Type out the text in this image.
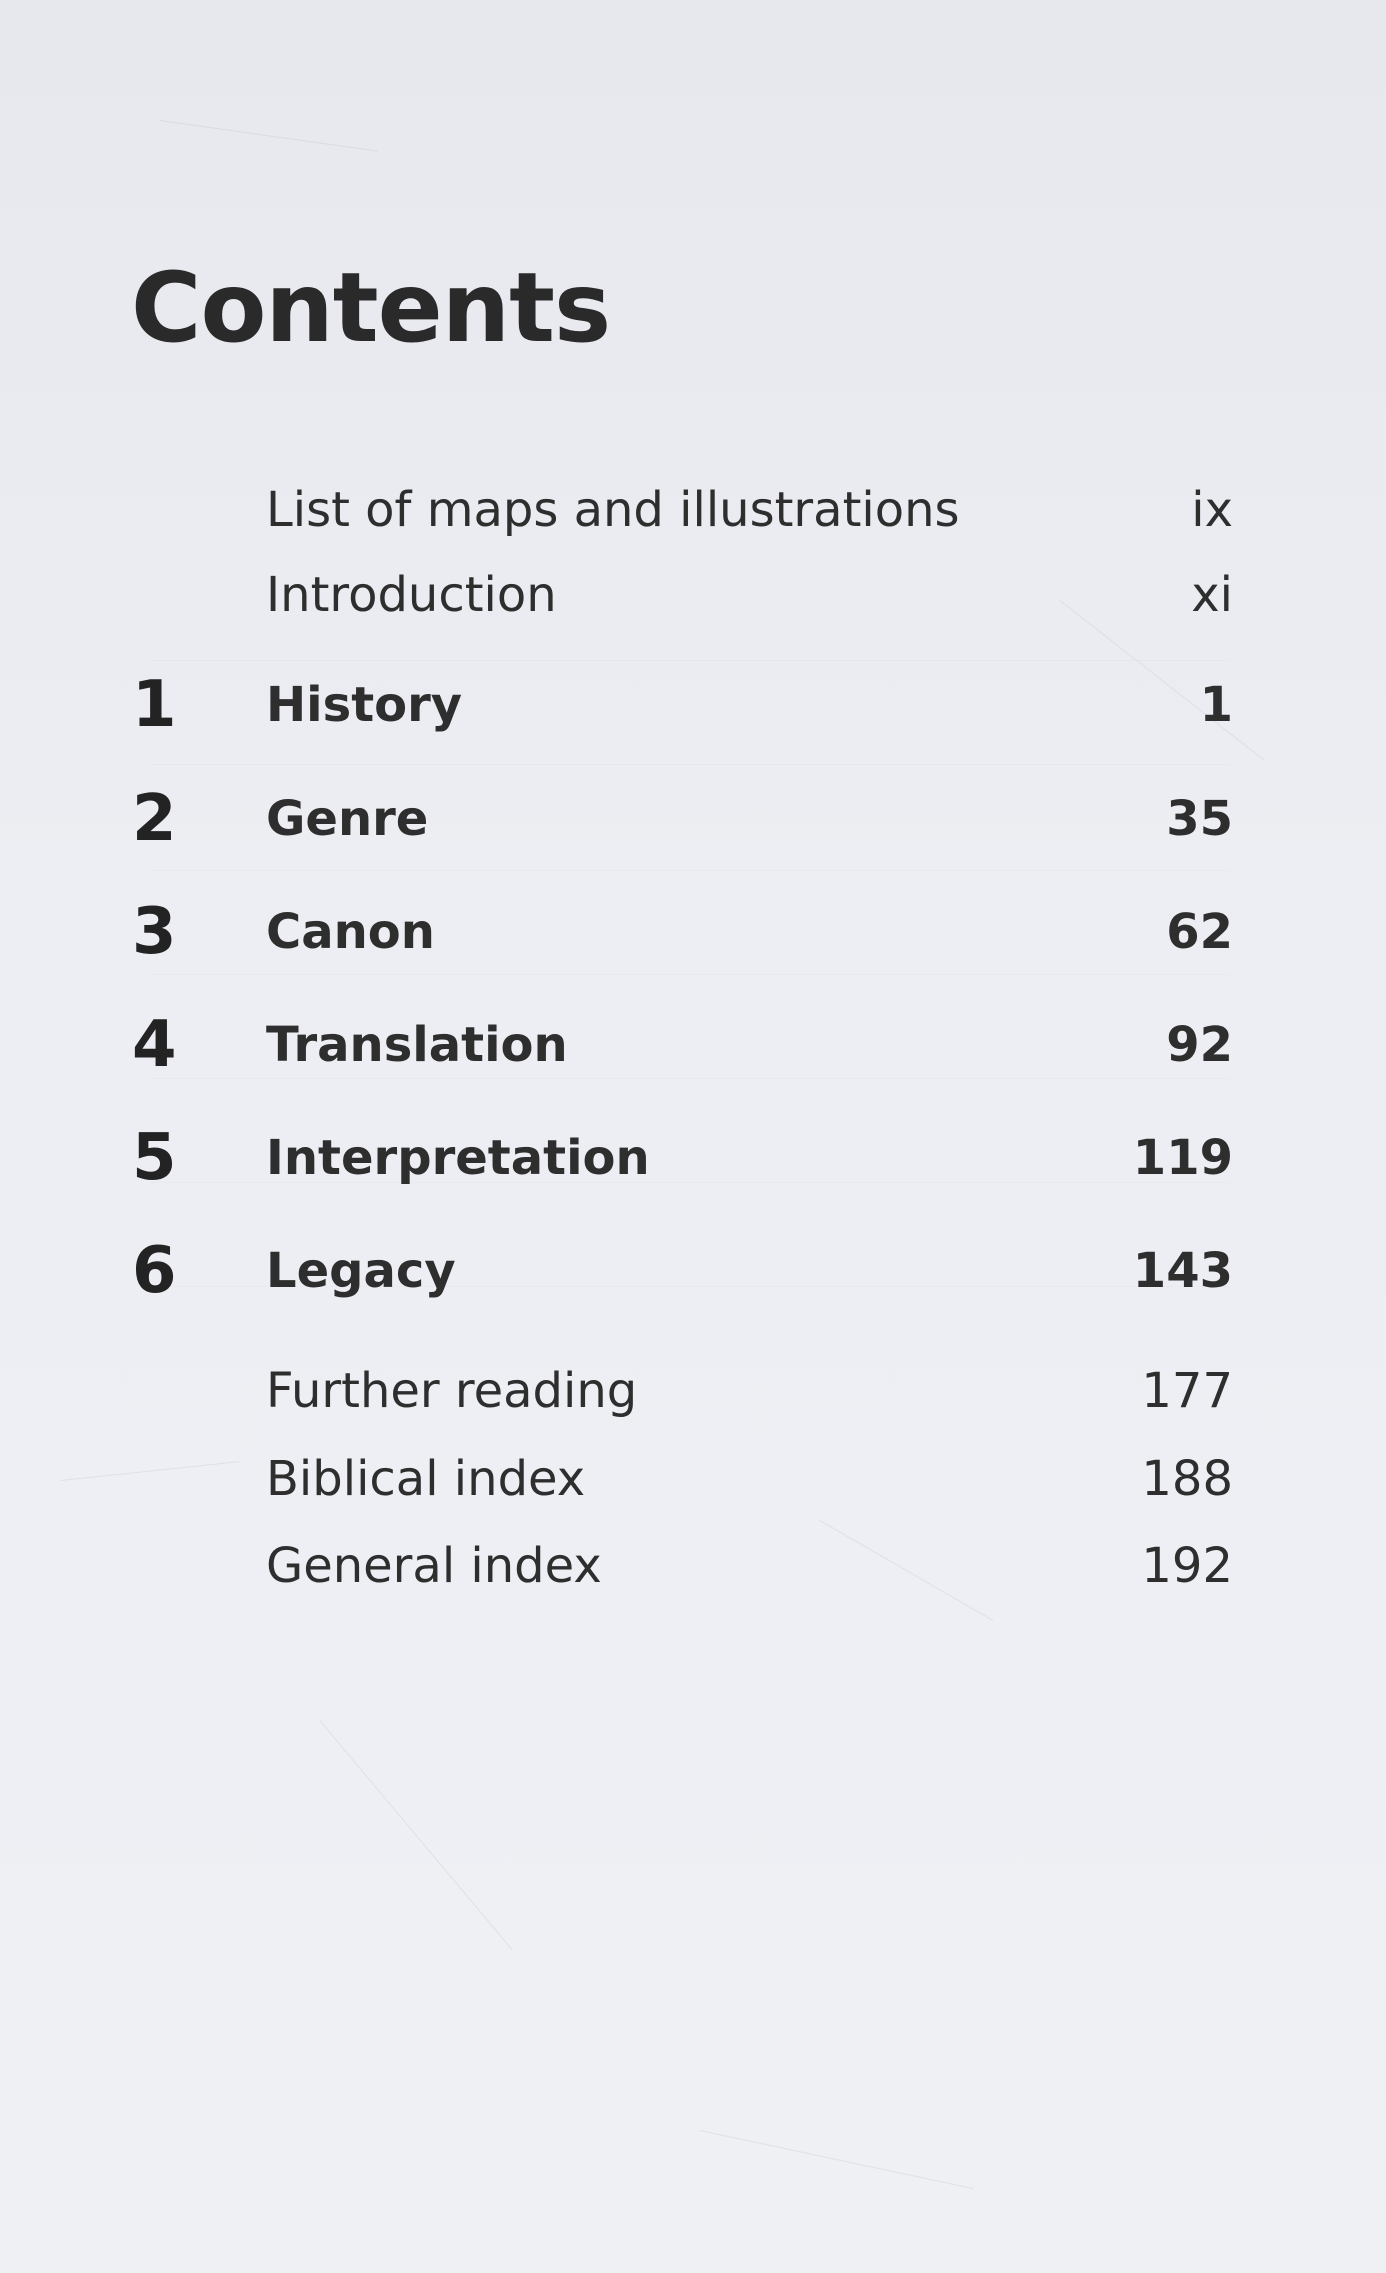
Contents
List of maps and illustrations	ix
Introduction	xi
1 History	1
2 Genre	35
3 Canon	62
4 Translation	92
5 Interpretation	119
6 Legacy	143
Further reading	177
Biblical index	188
General index	192
